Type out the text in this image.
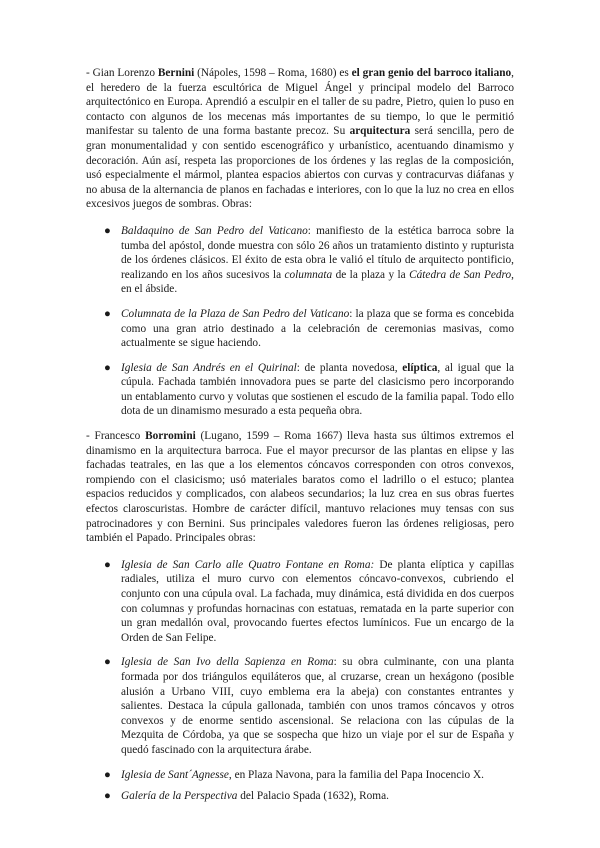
- Gian Lorenzo Bernini (Nápoles, 1598 – Roma, 1680) es el gran genio del barroco italiano, el heredero de la fuerza escultórica de Miguel Ángel y principal modelo del Barroco arquitectónico en Europa. Aprendió a esculpir en el taller de su padre, Pietro, quien lo puso en contacto con algunos de los mecenas más importantes de su tiempo, lo que le permitió manifestar su talento de una forma bastante precoz. Su arquitectura será sencilla, pero de gran monumentalidad y con sentido escenográfico y urbanístico, acentuando dinamismo y decoración. Aún así, respeta las proporciones de los órdenes y las reglas de la composición, usó especialmente el mármol, plantea espacios abiertos con curvas y contracurvas diáfanas y no abusa de la alternancia de planos en fachadas e interiores, con lo que la luz no crea en ellos excesivos juegos de sombras. Obras:

● Baldaquino de San Pedro del Vaticano: manifiesto de la estética barroca sobre la tumba del apóstol, donde muestra con sólo 26 años un tratamiento distinto y rupturista de los órdenes clásicos. El éxito de esta obra le valió el título de arquitecto pontificio, realizando en los años sucesivos la columnata de la plaza y la Cátedra de San Pedro, en el ábside.
● Columnata de la Plaza de San Pedro del Vaticano: la plaza que se forma es concebida como una gran atrio destinado a la celebración de ceremonias masivas, como actualmente se sigue haciendo.
● Iglesia de San Andrés en el Quirinal: de planta novedosa, elíptica, al igual que la cúpula. Fachada también innovadora pues se parte del clasicismo pero incorporando un entablamento curvo y volutas que sostienen el escudo de la familia papal. Todo ello dota de un dinamismo mesurado a esta pequeña obra.

- Francesco Borromini (Lugano, 1599 – Roma 1667) lleva hasta sus últimos extremos el dinamismo en la arquitectura barroca. Fue el mayor precursor de las plantas en elipse y las fachadas teatrales, en las que a los elementos cóncavos corresponden con otros convexos, rompiendo con el clasicismo; usó materiales baratos como el ladrillo o el estuco; plantea espacios reducidos y complicados, con alabeos secundarios; la luz crea en sus obras fuertes efectos claroscuristas. Hombre de carácter difícil, mantuvo relaciones muy tensas con sus patrocinadores y con Bernini. Sus principales valedores fueron las órdenes religiosas, pero también el Papado. Principales obras:

● Iglesia de San Carlo alle Quatro Fontane en Roma: De planta elíptica y capillas radiales, utiliza el muro curvo con elementos cóncavo-convexos, cubriendo el conjunto con una cúpula oval. La fachada, muy dinámica, está dividida en dos cuerpos con columnas y profundas hornacinas con estatuas, rematada en la parte superior con un gran medallón oval, provocando fuertes efectos lumínicos. Fue un encargo de la Orden de San Felipe.
● Iglesia de San Ivo della Sapienza en Roma: su obra culminante, con una planta formada por dos triángulos equiláteros que, al cruzarse, crean un hexágono (posible alusión a Urbano VIII, cuyo emblema era la abeja) con constantes entrantes y salientes. Destaca la cúpula gallonada, también con unos tramos cóncavos y otros convexos y de enorme sentido ascensional. Se relaciona con las cúpulas de la Mezquita de Córdoba, ya que se sospecha que hizo un viaje por el sur de España y quedó fascinado con la arquitectura árabe.
● Iglesia de Sant´Agnesse, en Plaza Navona, para la familia del Papa Inocencio X.
● Galería de la Perspectiva del Palacio Spada (1632), Roma.
